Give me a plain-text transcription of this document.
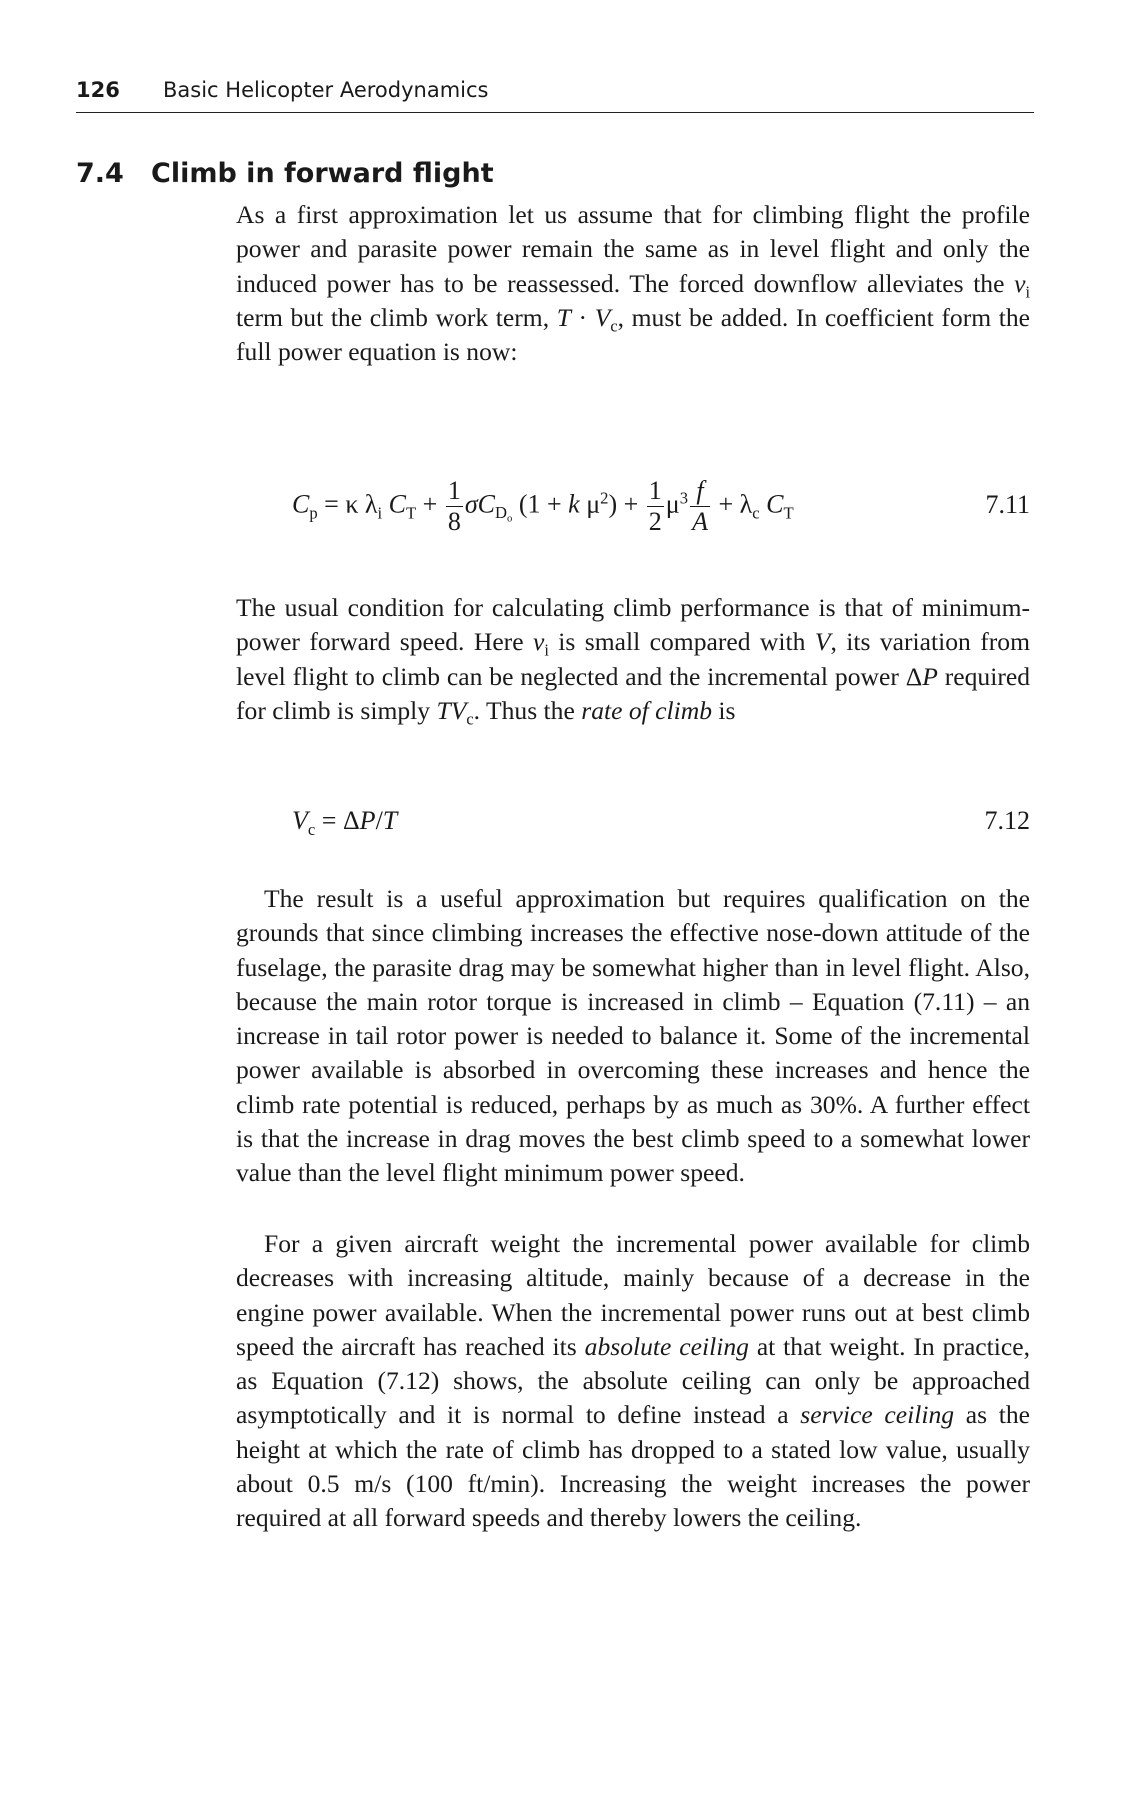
126 Basic Helicopter Aerodynamics
7.4 Climb in forward flight

As a first approximation let us assume that for climbing flight the profile power and parasite power remain the same as in level flight and only the induced power has to be reassessed. The forced downflow alleviates the $v_i$ term but the climb work term, $T \cdot V_c$, must be added. In coefficient form the full power equation is now:

$C_p = \kappa$ $\lambda_i$ $C_T + \frac{1}{8} \sigma C_{D_o}$ (1 + k $\mu^2) + \frac{1}{2} \mu^3 \frac{f}{A} + \lambda_c$ $C_T$	7.11

The usual condition for calculating climb performance is that of minimum-power forward speed. Here $v_i$ is small compared with V, its variation from level flight to climb can be neglected and the incremental power ΔP required for climb is simply $TV_c$. Thus the rate of climb is

$V_c = \Delta P/T$	7.12

The result is a useful approximation but requires qualification on the grounds that since climbing increases the effective nose-down attitude of the fuselage, the parasite drag may be somewhat higher than in level flight. Also, because the main rotor torque is increased in climb – Equation (7.11) – an increase in tail rotor power is needed to balance it. Some of the incremental power available is absorbed in overcoming these increases and hence the climb rate potential is reduced, perhaps by as much as 30%. A further effect is that the increase in drag moves the best climb speed to a somewhat lower value than the level flight minimum power speed.

For a given aircraft weight the incremental power available for climb decreases with increasing altitude, mainly because of a decrease in the engine power available. When the incremental power runs out at best climb speed the aircraft has reached its absolute ceiling at that weight. In practice, as Equation (7.12) shows, the absolute ceiling can only be approached asymptotically and it is normal to define instead a service ceiling as the height at which the rate of climb has dropped to a stated low value, usually about 0.5 m/s (100 ft/min). Increasing the weight increases the power required at all forward speeds and thereby lowers the ceiling.
